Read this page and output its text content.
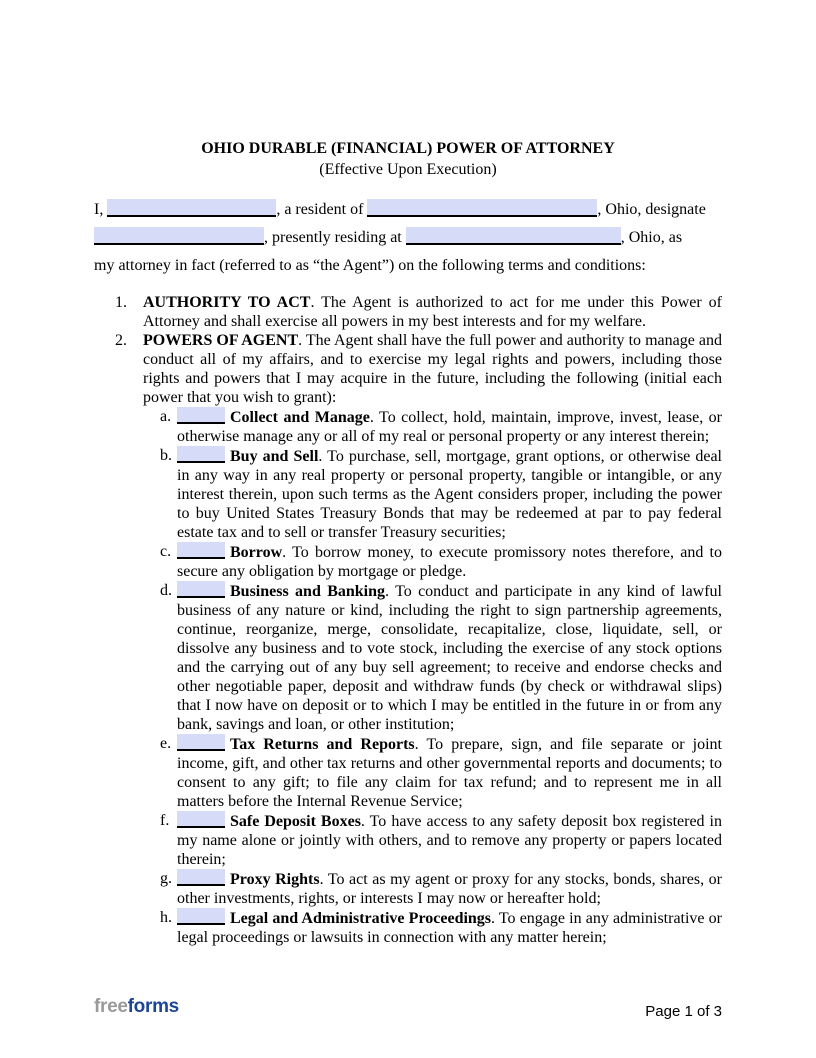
OHIO DURABLE (FINANCIAL) POWER OF ATTORNEY
(Effective Upon Execution)
I,	, a resident of	, Ohio, designate
, presently residing at	, Ohio, as
my attorney in fact (referred to as “the Agent”) on the following terms and conditions:
1.	AUTHORITY TO ACT. The Agent is authorized to act for me under this Power of Attorney and shall exercise all powers in my best interests and for my welfare.
2.	POWERS OF AGENT. The Agent shall have the full power and authority to manage and conduct all of my affairs, and to exercise my legal rights and powers, including those rights and powers that I may acquire in the future, including the following (initial each power that you wish to grant):
a.	Collect and Manage. To collect, hold, maintain, improve, invest, lease, or otherwise manage any or all of my real or personal property or any interest therein;
b.	Buy and Sell. To purchase, sell, mortgage, grant options, or otherwise deal in any way in any real property or personal property, tangible or intangible, or any interest therein, upon such terms as the Agent considers proper, including the power to buy United States Treasury Bonds that may be redeemed at par to pay federal estate tax and to sell or transfer Treasury securities;
c.	Borrow. To borrow money, to execute promissory notes therefore, and to secure any obligation by mortgage or pledge.
d.	Business and Banking. To conduct and participate in any kind of lawful business of any nature or kind, including the right to sign partnership agreements, continue, reorganize, merge, consolidate, recapitalize, close, liquidate, sell, or dissolve any business and to vote stock, including the exercise of any stock options and the carrying out of any buy sell agreement; to receive and endorse checks and other negotiable paper, deposit and withdraw funds (by check or withdrawal slips) that I now have on deposit or to which I may be entitled in the future in or from any bank, savings and loan, or other institution;
e.	Tax Returns and Reports. To prepare, sign, and file separate or joint income, gift, and other tax returns and other governmental reports and documents; to consent to any gift; to file any claim for tax refund; and to represent me in all matters before the Internal Revenue Service;
f.	Safe Deposit Boxes. To have access to any safety deposit box registered in my name alone or jointly with others, and to remove any property or papers located therein;
g.	Proxy Rights. To act as my agent or proxy for any stocks, bonds, shares, or other investments, rights, or interests I may now or hereafter hold;
h.	Legal and Administrative Proceedings. To engage in any administrative or legal proceedings or lawsuits in connection with any matter herein;
freeforms	Page 1 of 3
